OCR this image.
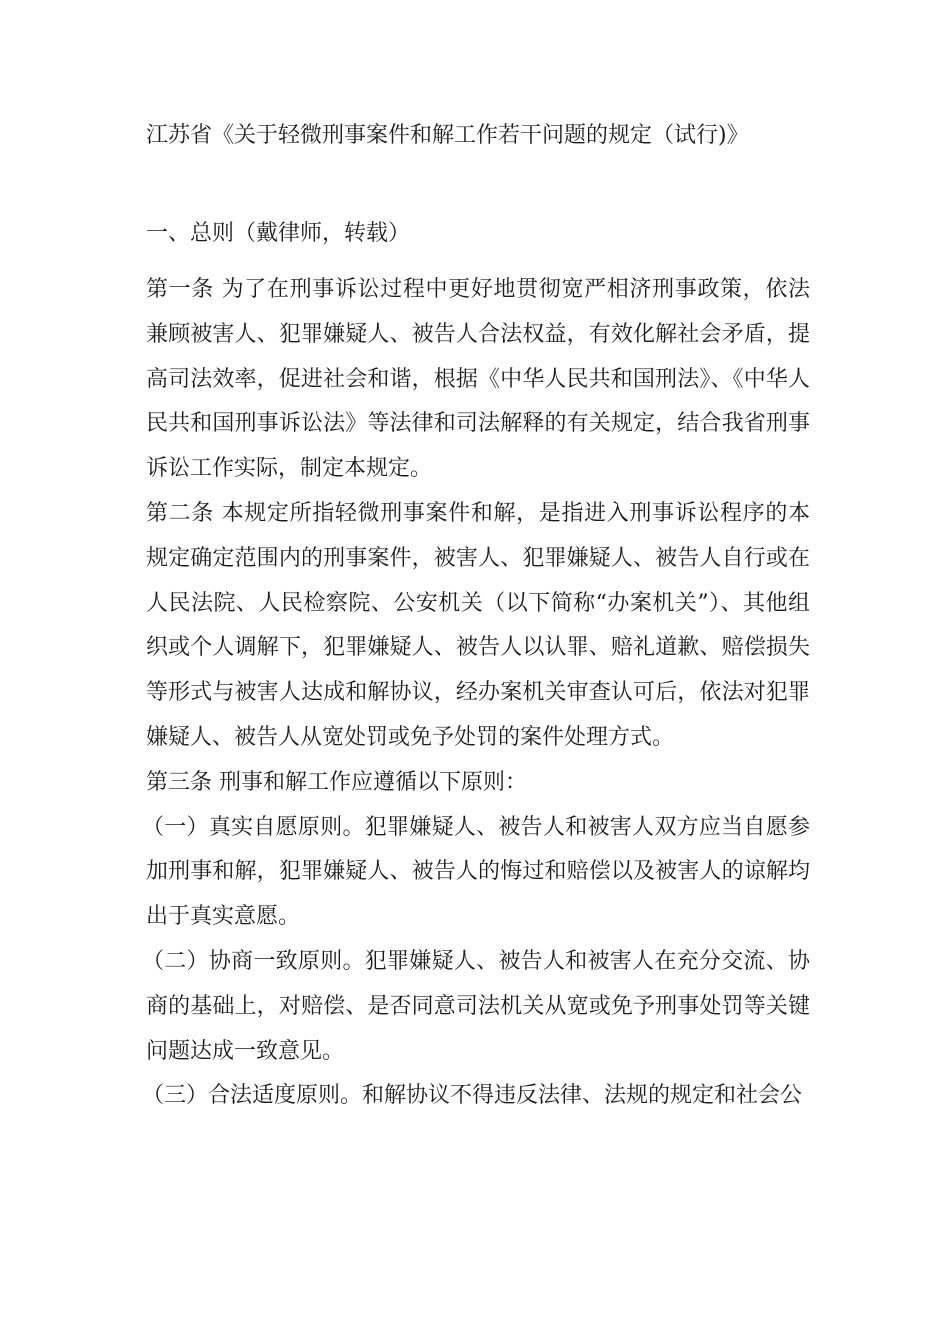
江苏省《关于轻微刑事案件和解工作若干问题的规定（试行)》
一、总则（戴律师，转载）

第一条 为了在刑事诉讼过程中更好地贯彻宽严相济刑事政策，依法兼顾被害人、犯罪嫌疑人、被告人合法权益，有效化解社会矛盾，提高司法效率，促进社会和谐，根据《中华人民共和国刑法》、《中华人民共和国刑事诉讼法》等法律和司法解释的有关规定，结合我省刑事诉讼工作实际，制定本规定。

第二条 本规定所指轻微刑事案件和解，是指进入刑事诉讼程序的本规定确定范围内的刑事案件，被害人、犯罪嫌疑人、被告人自行或在人民法院、人民检察院、公安机关（以下简称“办案机关”）、其他组织或个人调解下，犯罪嫌疑人、被告人以认罪、赔礼道歉、赔偿损失等形式与被害人达成和解协议，经办案机关审查认可后，依法对犯罪嫌疑人、被告人从宽处罚或免予处罚的案件处理方式。

第三条 刑事和解工作应遵循以下原则：

（一）真实自愿原则。犯罪嫌疑人、被告人和被害人双方应当自愿参加刑事和解，犯罪嫌疑人、被告人的悔过和赔偿以及被害人的谅解均出于真实意愿。

（二）协商一致原则。犯罪嫌疑人、被告人和被害人在充分交流、协商的基础上，对赔偿、是否同意司法机关从宽或免予刑事处罚等关键问题达成一致意见。

（三）合法适度原则。和解协议不得违反法律、法规的规定和社会公
